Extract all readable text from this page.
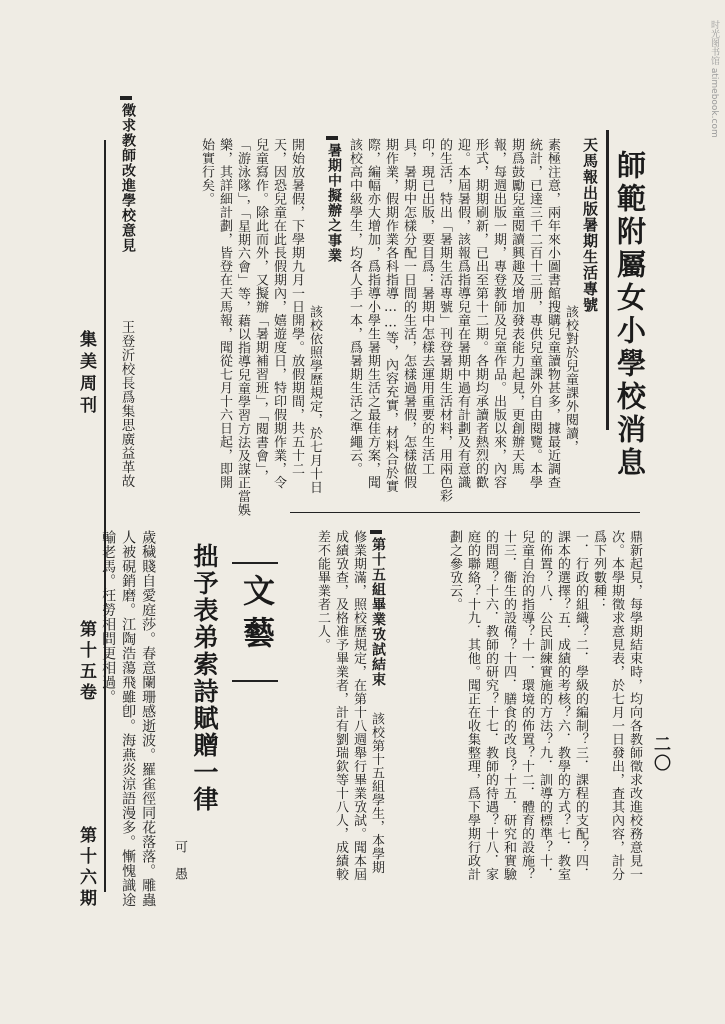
时光图书馆 atimebook.com
集美周刊
第十五卷
第十六期
二〇
師範附屬女小學校消息
天馬報出版暑期生活專號
該校對於兒童課外閱讀，
素極注意，兩年來小圖書館搜購兒童讀物甚多，據最近調查
統計，已達三千二百十三册，專供兒童課外自由閱覽。本學
期爲鼓勵兒童閱讀興趣及增加發表能力起見，更創辦天馬
報，每週出版一期，專登教師及兒童作品。出版以來，內容
形式，期期刷新，已出至第十二期。各期均承讀者熱烈的歡
迎。本屆暑假，該報爲指導兒童在暑期中過有計劃及有意識
的生活，特出「暑期生活專號」刊登暑期生活材料，用兩色彩
印，現已出版，要目爲：暑期中怎樣去運用重要的生活工
具，暑期中怎樣分配一日間的生活，怎樣過暑假，怎樣做假
期作業，假期作業各科指導……等，內容充實，材料合於實
際，編幅亦大增加，爲指導小學生暑期生活之最佳方案，聞
該校高中級學生，均各人手一本，爲暑期生活之準繩云。
暑期中擬辦之事業
該校依照學歷規定，於七月十日
開始放暑假，下學期九月一日開學。放假期間，共五十二
天，因恐兒童在此長假期內，嬉遊度日，特印假期作業，令
兒童寫作。除此而外，又擬辦「暑期補習班」，「閱書會」，
「游泳隊」，「星期六會」等，藉以指導兒童學習方法及謀正當娛
樂，其詳細計劃，皆登在天馬報，聞從七月十六日起，即開
始實行矣。
徵求教師改進學校意見
王登沂校長爲集思廣益革故
鼎新起見，每學期結束時，均向各教師徵求改進校務意見一
次。本學期徵求意見表，於七月一日發出，査其內容，計分
爲下列數種：
一．行政的組織？二．學級的編制？三．課程的支配？四．
課本的選擇？五．成績的考核？六．教學的方式？七．教室
的佈置？八．公民訓練實施的方法？九．訓導的標準？十．
兒童自治的指導？十一．環境的佈置？十二．體育的設施？
十三．衞生的設備？十四．膳食的改良？十五．研究和實驗
的問題？十六．教師的研究？十七．教師的待遇？十八．家
庭的聯絡？十九．其他。聞正在收集整理，爲下學期行政計
劃之參攷云。
第十五組畢業攷試結束
該校第十五組學生，本學期
修業期滿，照校歷規定，在第十八週舉行畢業攷試。聞本屆
成績攷查，及格准予畢業者，計有劉瑞欽等十八人，成績較
差不能畢業者二人。
文藝
拙予表弟索詩賦贈一律
可愚
歲穢賤自愛庭莎。春意闌珊感逝波。羅雀徑同花落落。雕蟲
人被硯銷磨。江陶浩蕩飛雖卽。海燕炎涼語漫多。慚愧識途
輸老馬。枉勞相問更相過。
